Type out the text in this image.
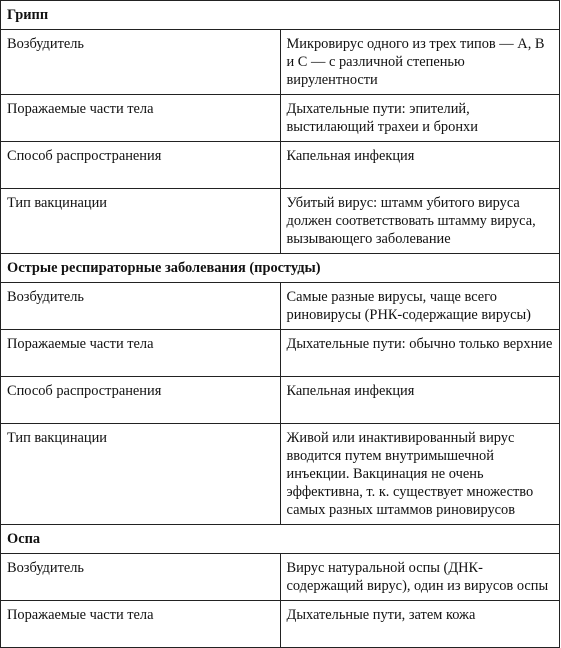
Грипп	
Возбудитель	Микровирус одного из трех типов — A, B и C — с различной степенью вирулентности
Поражаемые части тела	Дыхательные пути: эпителий, выстилающий трахеи и бронхи
Способ распространения	Капельная инфекция
Тип вакцинации	Убитый вирус: штамм убитого вируса должен соответствовать штамму вируса, вызывающего заболевание
Острые респираторные заболевания (простуды)	
Возбудитель	Самые разные вирусы, чаще всего риновирусы (РНК-содержащие вирусы)
Поражаемые части тела	Дыхательные пути: обычно только верхние
Способ распространения	Капельная инфекция
Тип вакцинации	Живой или инактивированный вирус вводится путем внутримышечной инъекции. Вакцинация не очень эффективна, т. к. существует множество самых разных штаммов риновирусов
Оспа	
Возбудитель	Вирус натуральной оспы (ДНК-содержащий вирус), один из вирусов оспы
Поражаемые части тела	Дыхательные пути, затем кожа
